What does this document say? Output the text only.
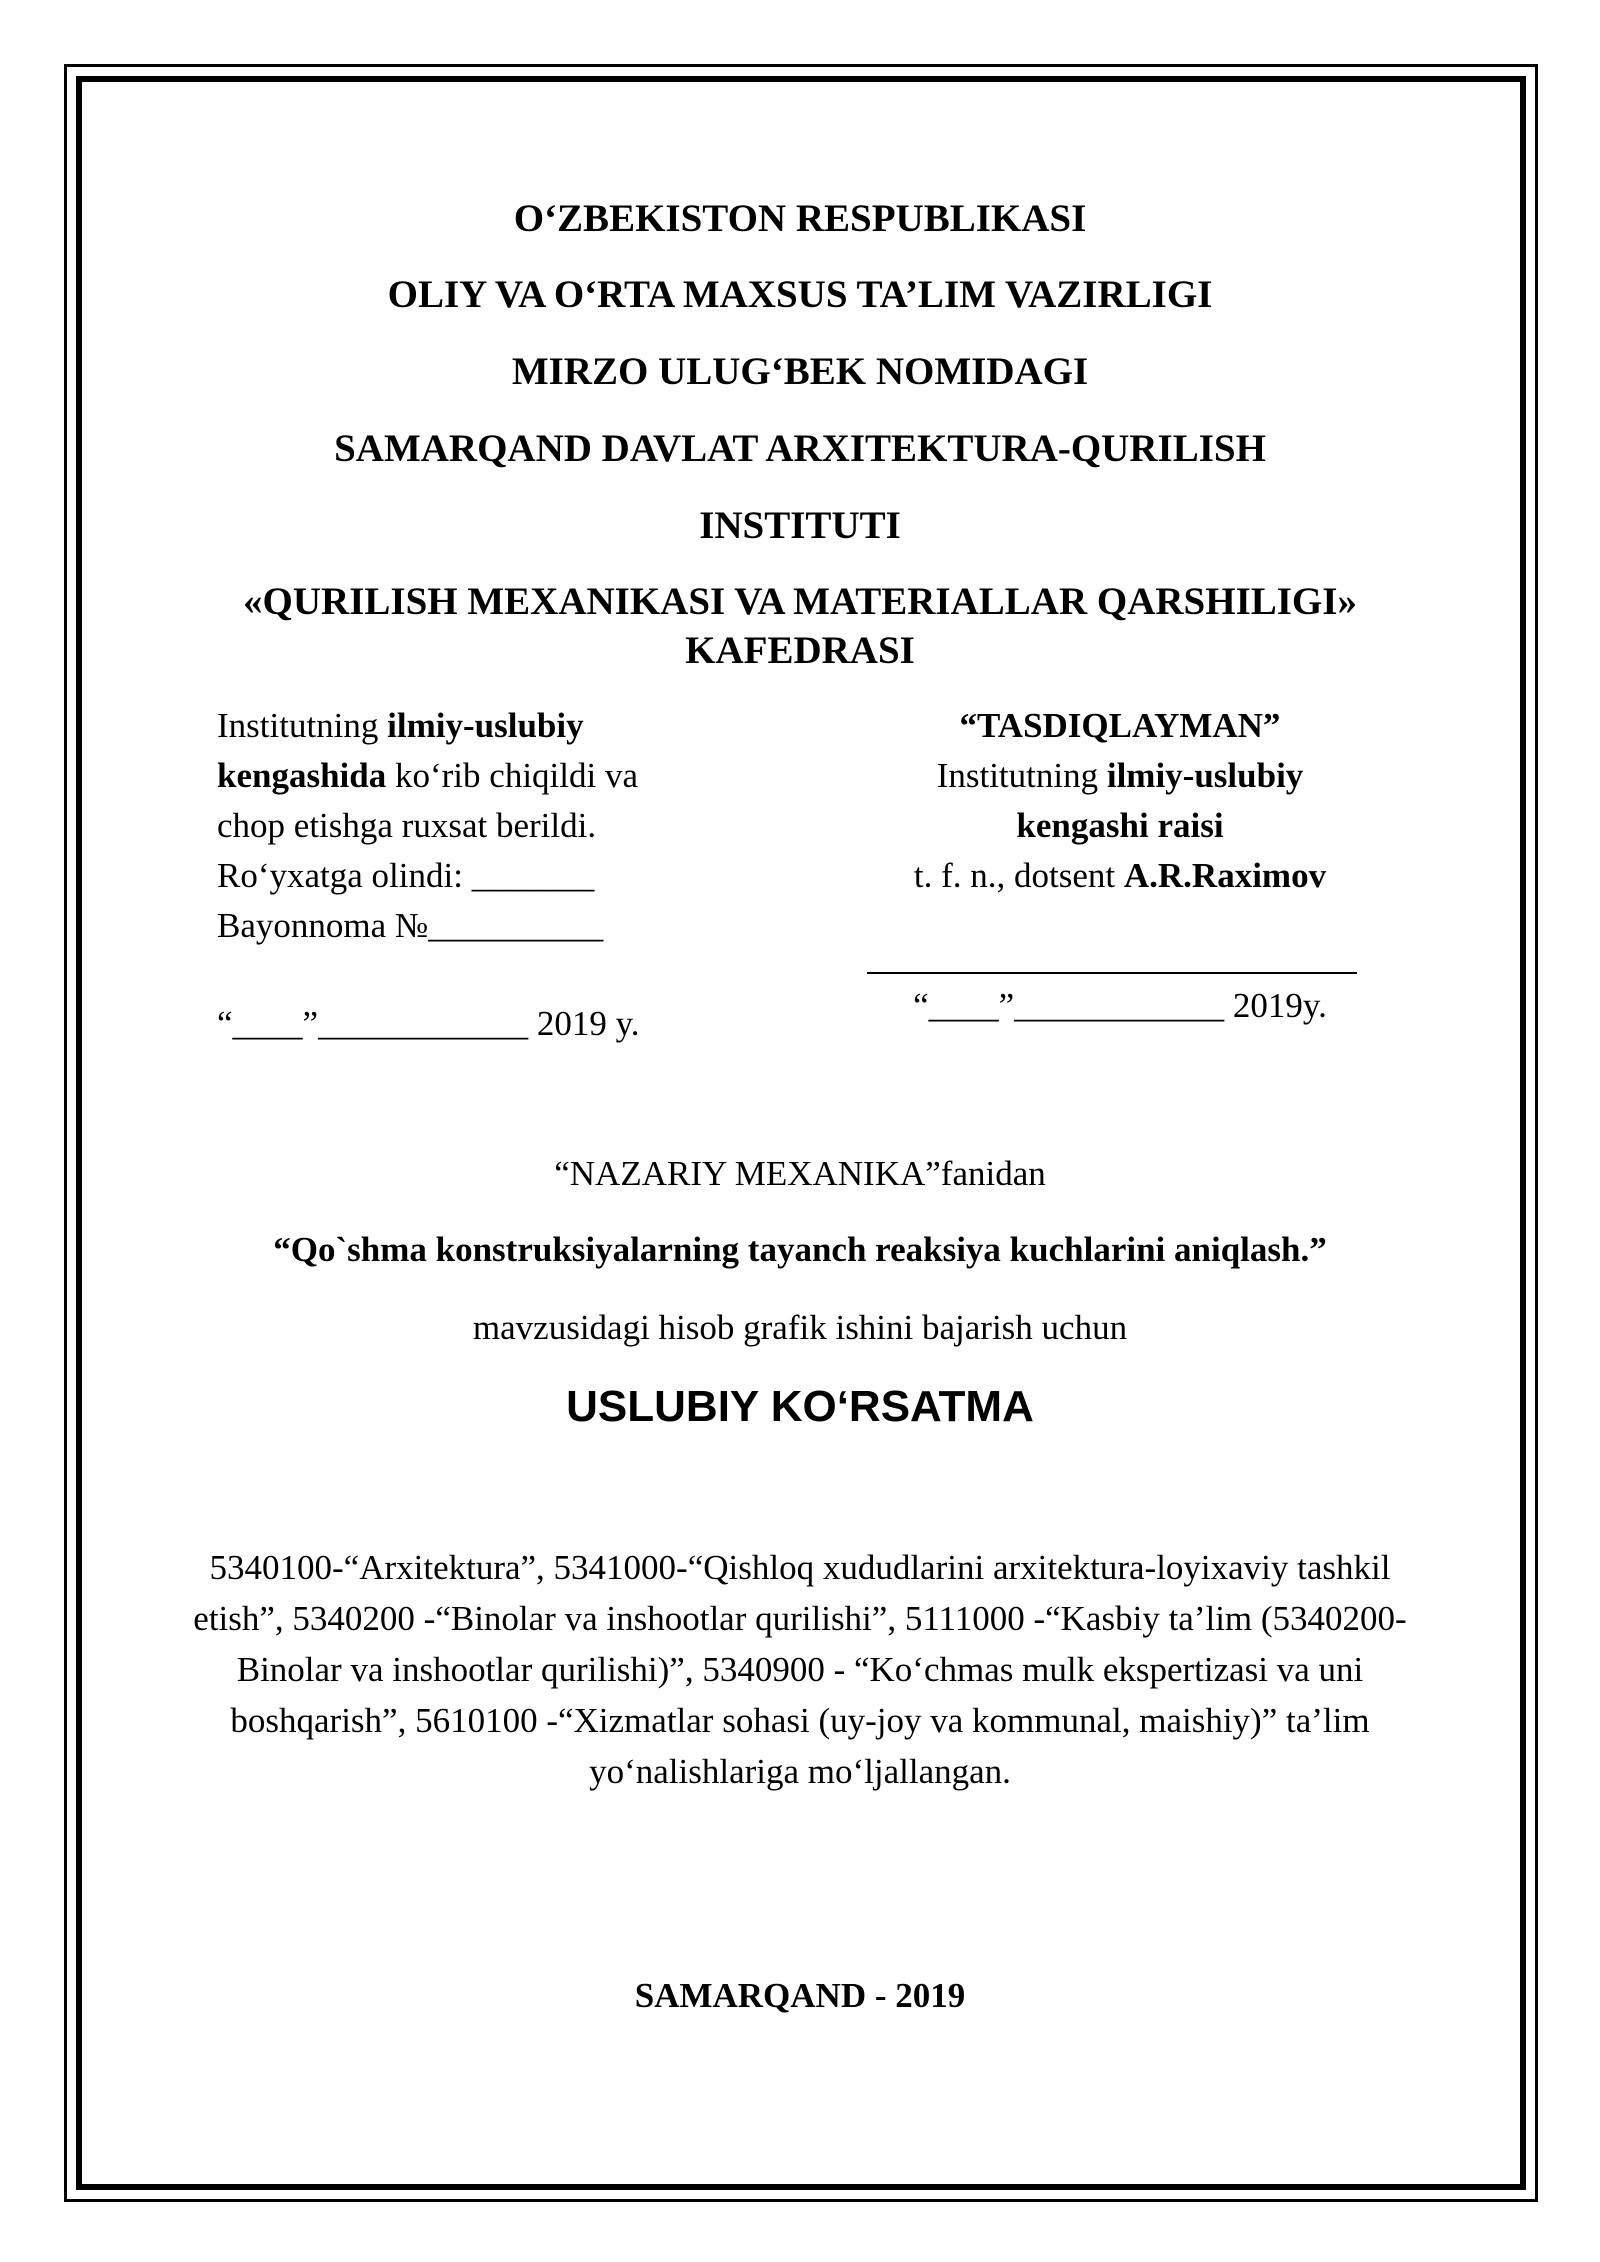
O‘ZBEKISTON RESPUBLIKASI
OLIY VA O‘RTA MAXSUS TA’LIM VAZIRLIGI
MIRZO ULUG‘BEK NOMIDAGI
SAMARQAND DAVLAT ARXITEKTURA-QURILISH
INSTITUTI
«QURILISH MEXANIKASI VA MATERIALLAR QARSHILIGI»
KAFEDRASI
Institutning ilmiy-uslubiy
kengashida ko‘rib chiqildi va
chop etishga ruxsat berildi.
Ro‘yxatga olindi: _______
Bayonnoma №__________
“____”____________ 2019 y.
“TASDIQLAYMAN”
Institutning ilmiy-uslubiy
kengashi raisi
t. f. n., dotsent A.R.Raximov
“____”____________ 2019y.
“NAZARIY MEXANIKA”fanidan
“Qo`shma konstruksiyalarning tayanch reaksiya kuchlarini aniqlash.”
mavzusidagi hisob grafik ishini bajarish uchun
USLUBIY KO‘RSATMA
5340100-“Arxitektura”, 5341000-“Qishloq xududlarini arxitektura-loyixaviy tashkil
etish”, 5340200 -“Binolar va inshootlar qurilishi”, 5111000 -“Kasbiy ta’lim (5340200-
Binolar va inshootlar qurilishi)”, 5340900 - “Ko‘chmas mulk ekspertizasi va uni
boshqarish”, 5610100 -“Xizmatlar sohasi (uy-joy va kommunal, maishiy)” ta’lim
yo‘nalishlariga mo‘ljallangan.
SAMARQAND - 2019
